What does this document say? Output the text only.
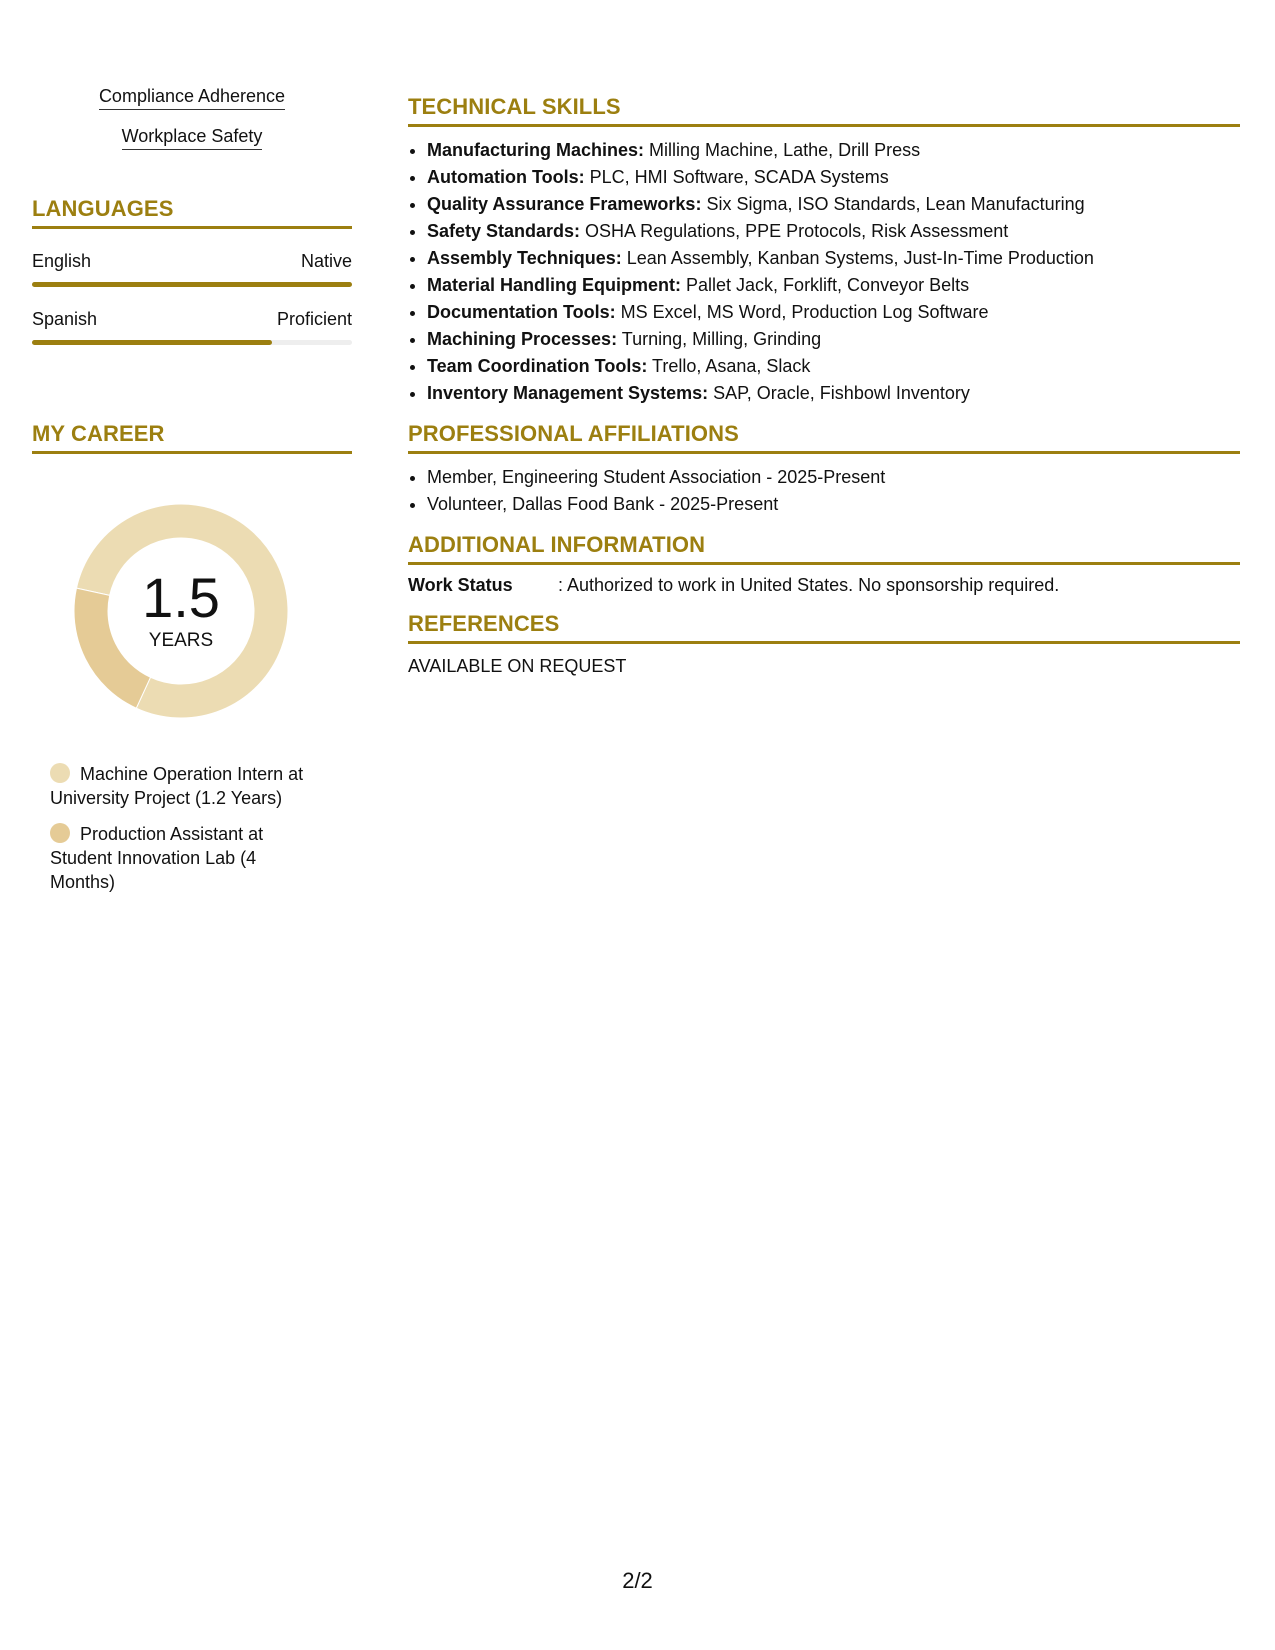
Compliance Adherence
Workplace Safety
LANGUAGES
English	Native
Spanish	Proficient
MY CAREER
1.5
YEARS
Machine Operation Intern at University Project (1.2 Years)
Production Assistant at Student Innovation Lab (4 Months)
TECHNICAL SKILLS
• Manufacturing Machines: Milling Machine, Lathe, Drill Press
• Automation Tools: PLC, HMI Software, SCADA Systems
• Quality Assurance Frameworks: Six Sigma, ISO Standards, Lean Manufacturing
• Safety Standards: OSHA Regulations, PPE Protocols, Risk Assessment
• Assembly Techniques: Lean Assembly, Kanban Systems, Just-In-Time Production
• Material Handling Equipment: Pallet Jack, Forklift, Conveyor Belts
• Documentation Tools: MS Excel, MS Word, Production Log Software
• Machining Processes: Turning, Milling, Grinding
• Team Coordination Tools: Trello, Asana, Slack
• Inventory Management Systems: SAP, Oracle, Fishbowl Inventory
PROFESSIONAL AFFILIATIONS
• Member, Engineering Student Association - 2025-Present
• Volunteer, Dallas Food Bank - 2025-Present
ADDITIONAL INFORMATION
Work Status	: Authorized to work in United States. No sponsorship required.
REFERENCES
AVAILABLE ON REQUEST
2/2
